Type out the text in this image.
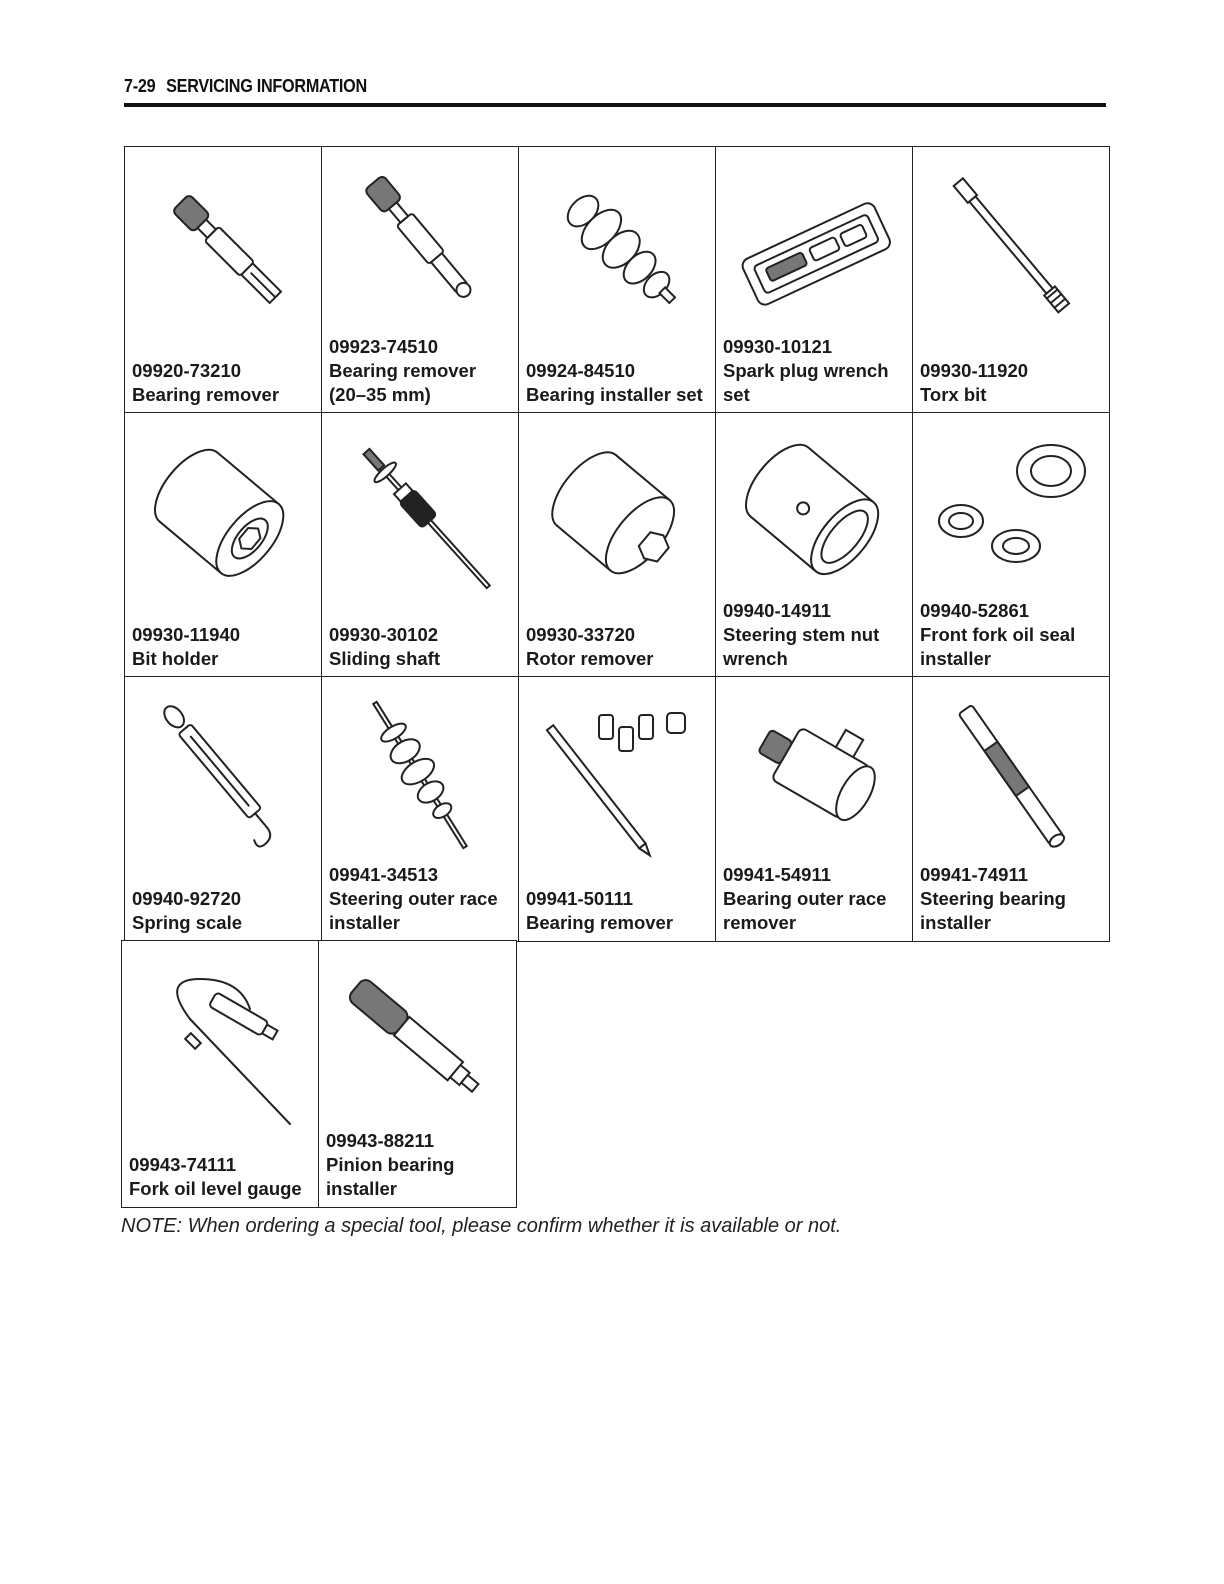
7-29 SERVICING INFORMATION
09920-73210
Bearing remover
09923-74510
Bearing remover
(20–35 mm)
09924-84510
Bearing installer set
09930-10121
Spark plug wrench
set
09930-11920
Torx bit
09930-11940
Bit holder
09930-30102
Sliding shaft
09930-33720
Rotor remover
09940-14911
Steering stem nut
wrench
09940-52861
Front fork oil seal
installer
09940-92720
Spring scale
09941-34513
Steering outer race
installer
09941-50111
Bearing remover
09941-54911
Bearing outer race
remover
09941-74911
Steering bearing
installer
09943-74111
Fork oil level gauge
09943-88211
Pinion bearing
installer
NOTE: When ordering a special tool, please confirm whether it is available or not.
